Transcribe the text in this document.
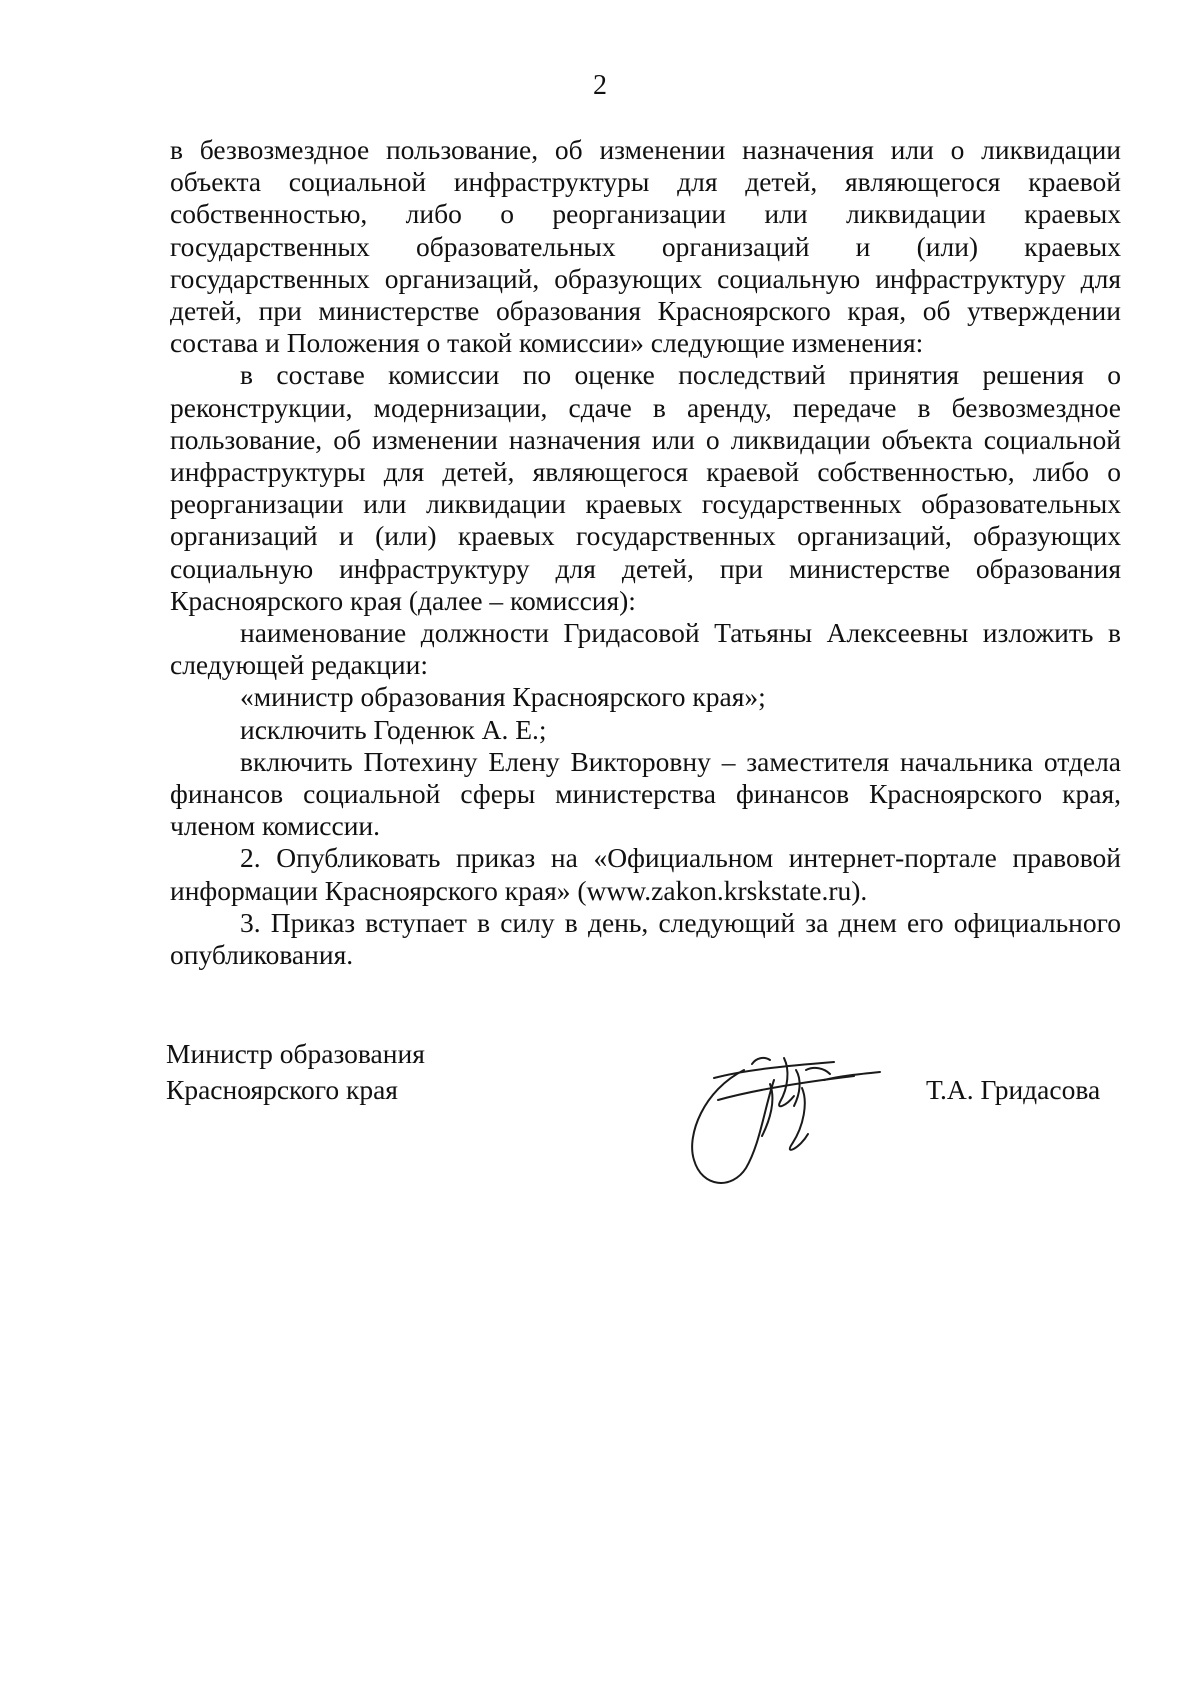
2

в безвозмездное пользование, об изменении назначения или о ликвидации объекта социальной инфраструктуры для детей, являющегося краевой собственностью, либо о реорганизации или ликвидации краевых государственных образовательных организаций и (или) краевых государственных организаций, образующих социальную инфраструктуру для детей, при министерстве образования Красноярского края, об утверждении состава и Положения о такой комиссии» следующие изменения:

в составе комиссии по оценке последствий принятия решения о реконструкции, модернизации, сдаче в аренду, передаче в безвозмездное пользование, об изменении назначения или о ликвидации объекта социальной инфраструктуры для детей, являющегося краевой собственностью, либо о реорганизации или ликвидации краевых государственных образовательных организаций и (или) краевых государственных организаций, образующих социальную инфраструктуру для детей, при министерстве образования Красноярского края (далее – комиссия):

наименование должности Гридасовой Татьяны Алексеевны изложить в следующей редакции:

«министр образования Красноярского края»;

исключить Годенюк А. Е.;

включить Потехину Елену Викторовну – заместителя начальника отдела финансов социальной сферы министерства финансов Красноярского края, членом комиссии.

2. Опубликовать приказ на «Официальном интернет-портале правовой информации Красноярского края» (www.zakon.krskstate.ru).

3. Приказ вступает в силу в день, следующий за днем его официального опубликования.

Министр образования
Красноярского края	Т.А. Гридасова
